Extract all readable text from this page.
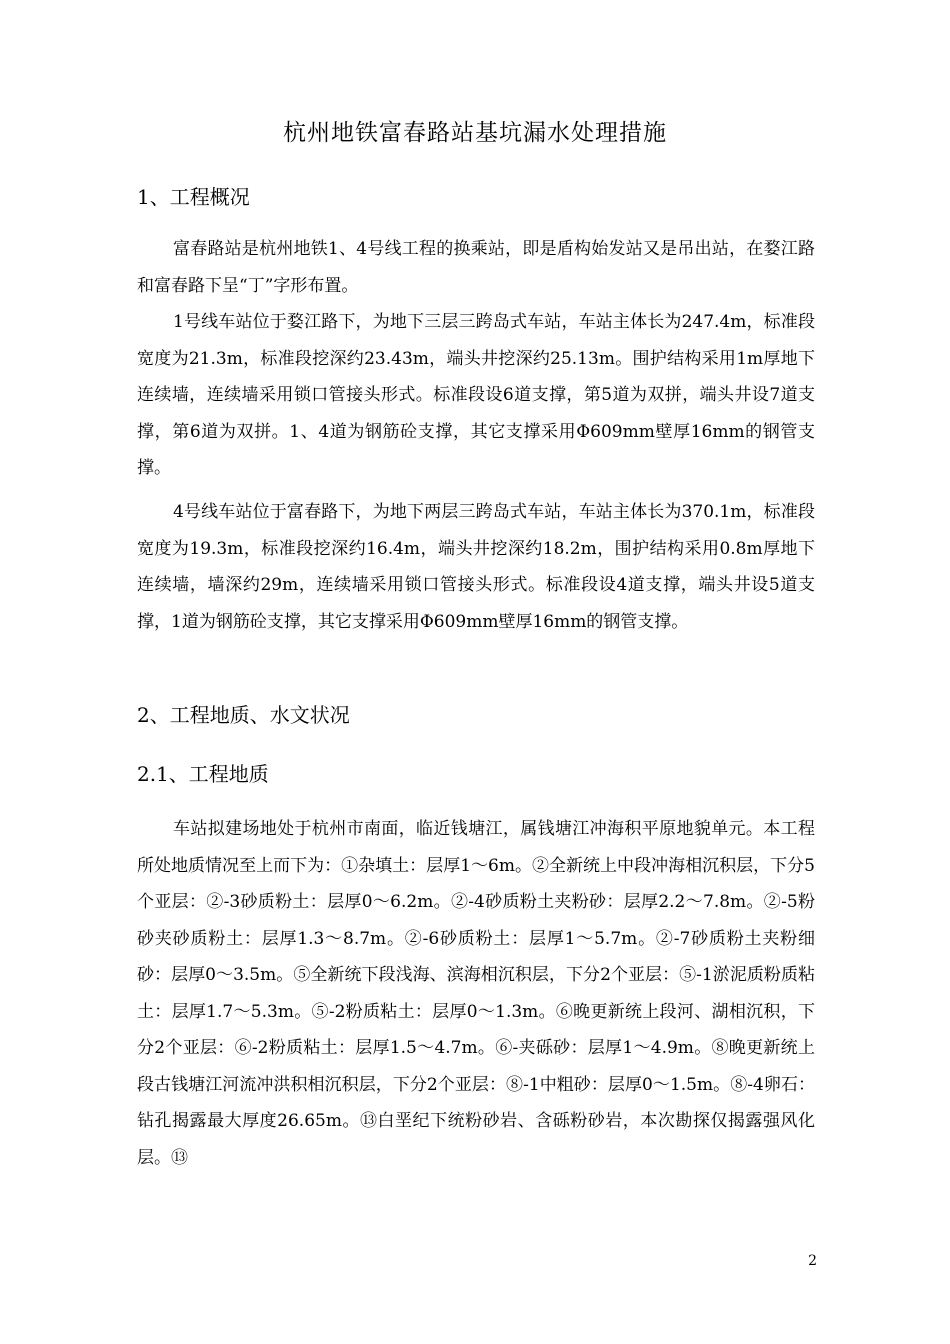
杭州地铁富春路站基坑漏水处理措施
1、工程概况

富春路站是杭州地铁1、4号线工程的换乘站，即是盾构始发站又是吊出站，在婺江路和富春路下呈“丁”字形布置。

1号线车站位于婺江路下，为地下三层三跨岛式车站，车站主体长为247.4m，标准段宽度为21.3m，标准段挖深约23.43m，端头井挖深约25.13m。围护结构采用1m厚地下连续墙，连续墙采用锁口管接头形式。标准段设6道支撑，第5道为双拼，端头井设7道支撑，第6道为双拼。1、4道为钢筋砼支撑，其它支撑采用Φ609mm壁厚16mm的钢管支撑。

4号线车站位于富春路下，为地下两层三跨岛式车站，车站主体长为370.1m，标准段宽度为19.3m，标准段挖深约16.4m，端头井挖深约18.2m，围护结构采用0.8m厚地下连续墙，墙深约29m，连续墙采用锁口管接头形式。标准段设4道支撑，端头井设5道支撑，1道为钢筋砼支撑，其它支撑采用Φ609mm壁厚16mm的钢管支撑。

2、工程地质、水文状况
2.1、工程地质

车站拟建场地处于杭州市南面，临近钱塘江，属钱塘江冲海积平原地貌单元。本工程所处地质情况至上而下为：①杂填土：层厚1～6m。②全新统上中段冲海相沉积层，下分5个亚层：②-3砂质粉土：层厚0～6.2m。②-4砂质粉土夹粉砂：层厚2.2～7.8m。②-5粉砂夹砂质粉土：层厚1.3～8.7m。②-6砂质粉土：层厚1～5.7m。②-7砂质粉土夹粉细砂：层厚0～3.5m。⑤全新统下段浅海、滨海相沉积层，下分2个亚层：⑤-1淤泥质粉质粘土：层厚1.7～5.3m。⑤-2粉质粘土：层厚0～1.3m。⑥晚更新统上段河、湖相沉积，下分2个亚层：⑥-2粉质粘土：层厚1.5～4.7m。⑥-夹砾砂：层厚1～4.9m。⑧晚更新统上段古钱塘江河流冲洪积相沉积层，下分2个亚层：⑧-1中粗砂：层厚0～1.5m。⑧-4卵石：钻孔揭露最大厚度26.65m。⑬白垩纪下统粉砂岩、含砾粉砂岩，本次勘探仅揭露强风化层。⑬

2
